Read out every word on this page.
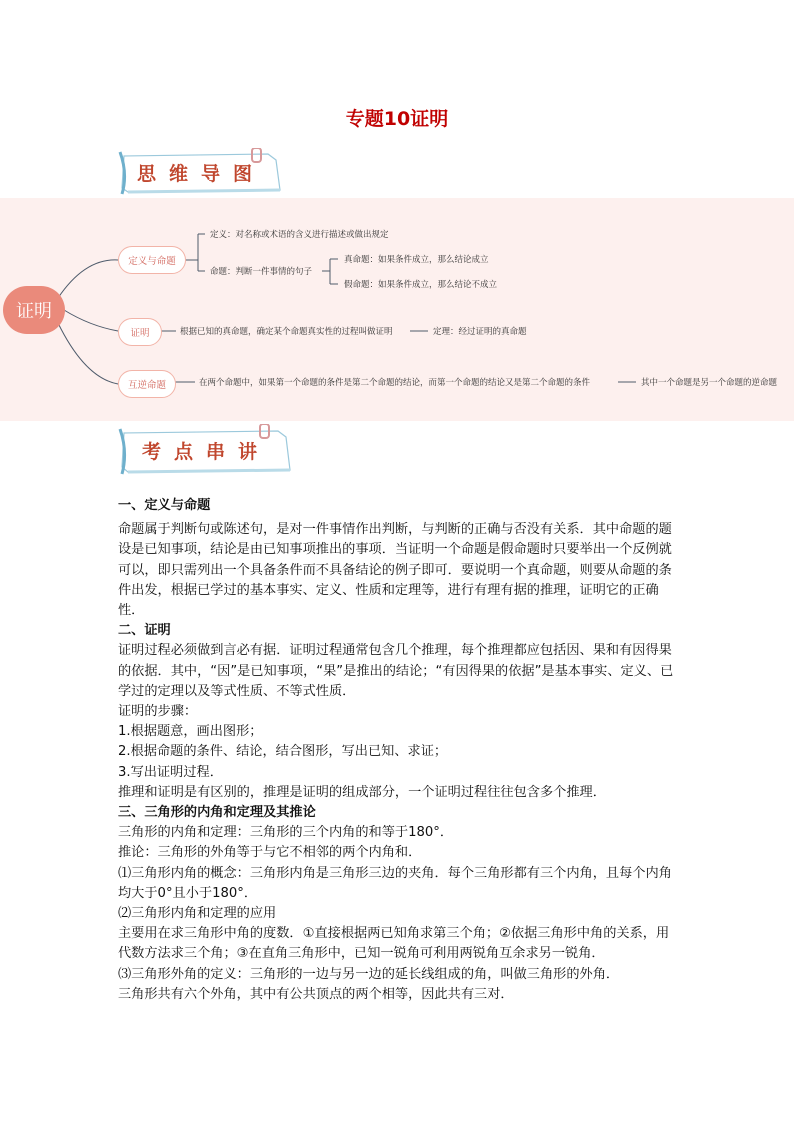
专题10证明
思维导图
证明
定义与命题
定义：对名称或术语的含义进行描述或做出规定
命题：判断一件事情的句子
真命题：如果条件成立，那么结论成立
假命题：如果条件成立，那么结论不成立
证明	根据已知的真命题，确定某个命题真实性的过程叫做证明	定理：经过证明的真命题
互逆命题	在两个命题中，如果第一个命题的条件是第二个命题的结论，而第一个命题的结论又是第二个命题的条件	其中一个命题是另一个命题的逆命题
考点串讲

一、定义与命题

命题属于判断句或陈述句，是对一件事情作出判断，与判断的正确与否没有关系．其中命题的题设是已知事项，结论是由已知事项推出的事项．当证明一个命题是假命题时只要举出一个反例就可以，即只需列出一个具备条件而不具备结论的例子即可．要说明一个真命题，则要从命题的条件出发，根据已学过的基本事实、定义、性质和定理等，进行有理有据的推理，证明它的正确性．

二、证明

证明过程必须做到言必有据．证明过程通常包含几个推理，每个推理都应包括因、果和有因得果的依据．其中，“因”是已知事项，“果”是推出的结论；“有因得果的依据”是基本事实、定义、已学过的定理以及等式性质、不等式性质．

证明的步骤：

1.根据题意，画出图形；

2.根据命题的条件、结论，结合图形，写出已知、求证；

3.写出证明过程．

推理和证明是有区别的，推理是证明的组成部分，一个证明过程往往包含多个推理．

三、三角形的内角和定理及其推论

三角形的内角和定理：三角形的三个内角的和等于180°．

推论：三角形的外角等于与它不相邻的两个内角和．

⑴三角形内角的概念：三角形内角是三角形三边的夹角．每个三角形都有三个内角，且每个内角均大于0°且小于180°．

⑵三角形内角和定理的应用

主要用在求三角形中角的度数．①直接根据两已知角求第三个角；②依据三角形中角的关系，用代数方法求三个角；③在直角三角形中，已知一锐角可利用两锐角互余求另一锐角．

⑶三角形外角的定义：三角形的一边与另一边的延长线组成的角，叫做三角形的外角．

三角形共有六个外角，其中有公共顶点的两个相等，因此共有三对．
